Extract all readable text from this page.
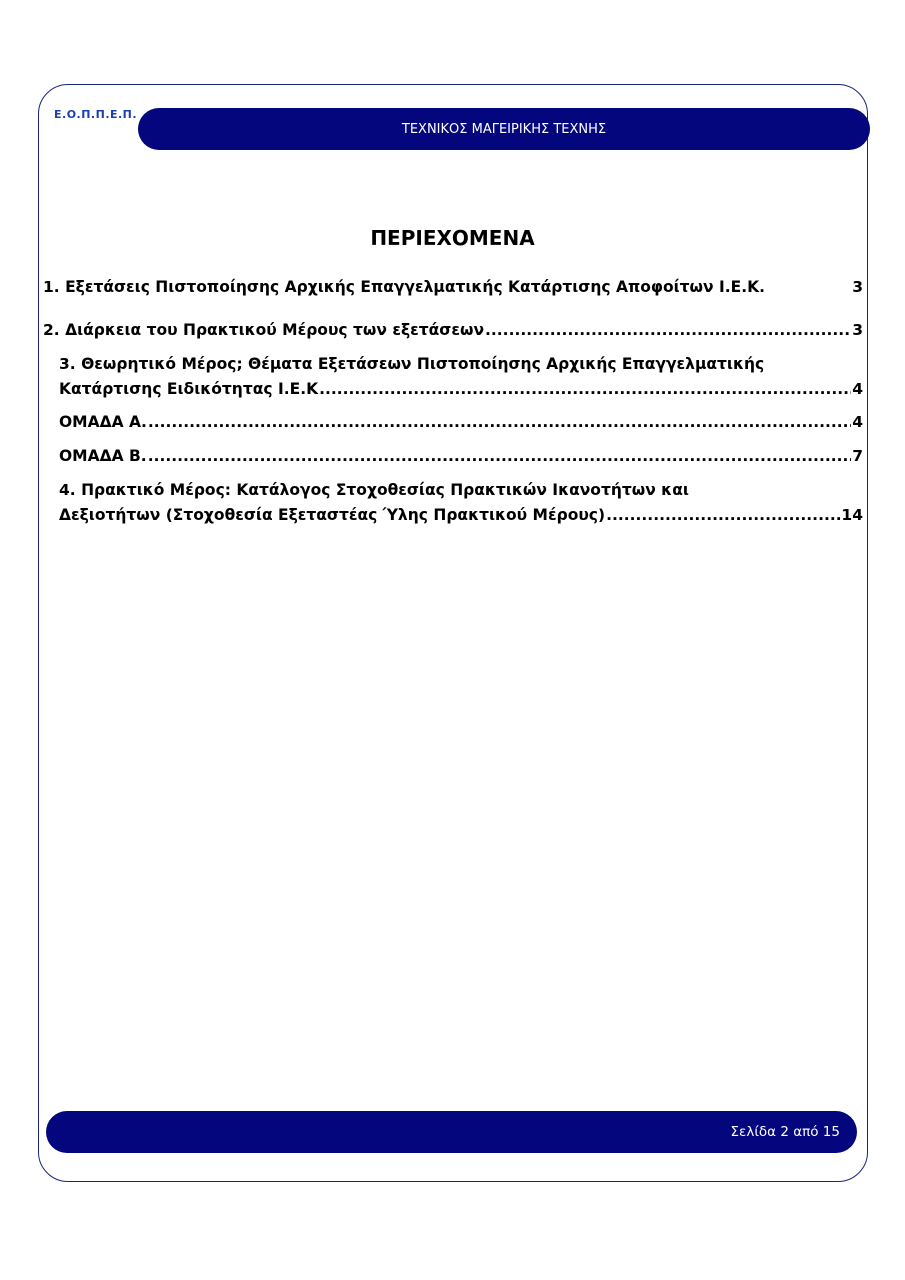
Ε.Ο.Π.Π.Ε.Π.
ΤΕΧΝΙΚΟΣ ΜΑΓΕΙΡΙΚΗΣ ΤΕΧΝΗΣ
ΠΕΡΙΕΧΟΜΕΝΑ
1. Εξετάσεις Πιστοποίησης Αρχικής Επαγγελματικής Κατάρτισης Αποφοίτων Ι.Ε.Κ.	3
2. Διάρκεια του Πρακτικού Μέρους των εξετάσεων .....	3
3. Θεωρητικό Μέρος; Θέματα Εξετάσεων Πιστοποίησης Αρχικής Επαγγελματικής
Κατάρτισης Ειδικότητας Ι.Ε.Κ .....	4
ΟΜΑΔΑ Α. .....	4
ΟΜΑΔΑ Β. .....	7
4. Πρακτικό Μέρος: Κατάλογος Στοχοθεσίας Πρακτικών Ικανοτήτων και
Δεξιοτήτων (Στοχοθεσία Εξεταστέας Ύλης Πρακτικού Μέρους) .....	14
Σελίδα 2 από 15
